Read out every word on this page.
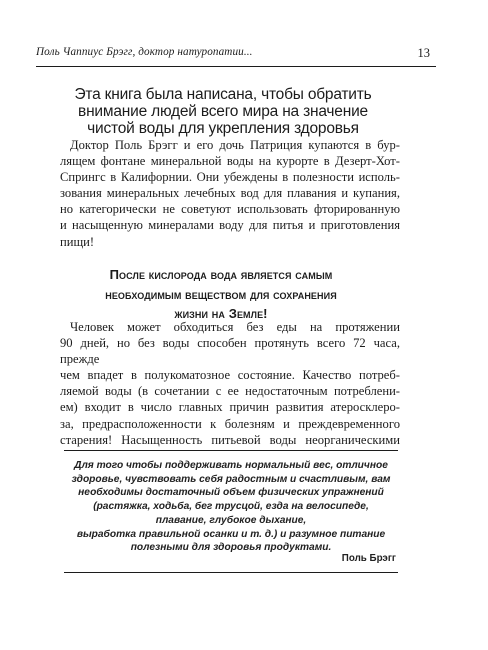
Поль Чаппиус Брэгг, доктор натуропатии...	13
Эта книга была написана, чтобы обратить
внимание людей всего мира на значение
чистой воды для укрепления здоровья
Доктор Поль Брэгг и его дочь Патриция купаются в бур-
лящем фонтане минеральной воды на курорте в Дезерт-Хот-
Спрингс в Калифорнии. Они убеждены в полезности исполь-
зования минеральных лечебных вод для плавания и купания,
но категорически не советуют использовать фторированную
и насыщенную минералами воду для питья и приготовления
пищи!
После кислорода вода является самым
необходимым веществом для сохранения
жизни на Земле!
Человек может обходиться без еды на протяжении
90 дней, но без воды способен протянуть всего 72 часа, прежде
чем впадет в полукоматозное состояние. Качество потреб-
ляемой воды (в сочетании с ее недостаточным потреблени-
ем) входит в число главных причин развития атеросклеро-
за, предрасположенности к болезням и преждевременного
старения! Насыщенность питьевой воды неорганическими
Для того чтобы поддерживать нормальный вес, отличное
здоровье, чувствовать себя радостным и счастливым, вам
необходимы достаточный объем физических упражнений
(растяжка, ходьба, бег трусцой, езда на велосипеде,
плавание, глубокое дыхание,
выработка правильной осанки и т. д.) и разумное питание
полезными для здоровья продуктами.
Поль Брэгг
